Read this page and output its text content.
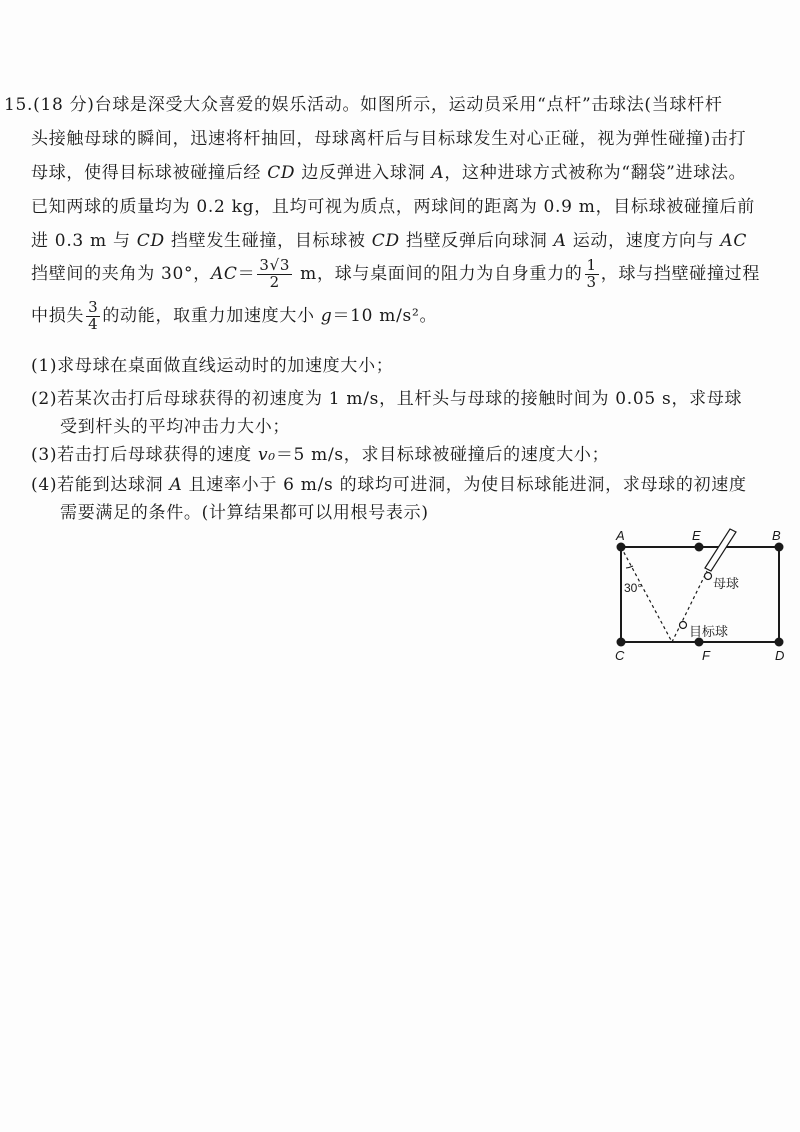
15.(18 分)台球是深受大众喜爱的娱乐活动。如图所示，运动员采用“点杆”击球法(当球杆杆
头接触母球的瞬间，迅速将杆抽回，母球离杆后与目标球发生对心正碰，视为弹性碰撞)击打
母球，使得目标球被碰撞后经 CD 边反弹进入球洞 A，这种进球方式被称为“翻袋”进球法。
已知两球的质量均为 0.2 kg，且均可视为质点，两球间的距离为 0.9 m，目标球被碰撞后前
进 0.3 m 与 CD 挡壁发生碰撞，目标球被 CD 挡壁反弹后向球洞 A 运动，速度方向与 AC
挡壁间的夹角为 30°，$AC= \frac{3√3}{2}$ m，球与桌面间的阻力为自身重力的 $\frac{1}{3}$ ，球与挡壁碰撞过程
中损失 $\frac{3}{4}$ 的动能，取重力加速度大小 g＝10 m/s²。
(1)求母球在桌面做直线运动时的加速度大小；
(2)若某次击打后母球获得的初速度为 1 m/s，且杆头与母球的接触时间为 0.05 s，求母球
受到杆头的平均冲击力大小；
(3)若击打后母球获得的速度 v₀＝5 m/s，求目标球被碰撞后的速度大小；
(4)若能到达球洞 A 且速率小于 6 m/s 的球均可进洞，为使目标球能进洞，求母球的初速度
需要满足的条件。(计算结果都可以用根号表示)
A	E	B
C	F	D
30°	母球
目标球
